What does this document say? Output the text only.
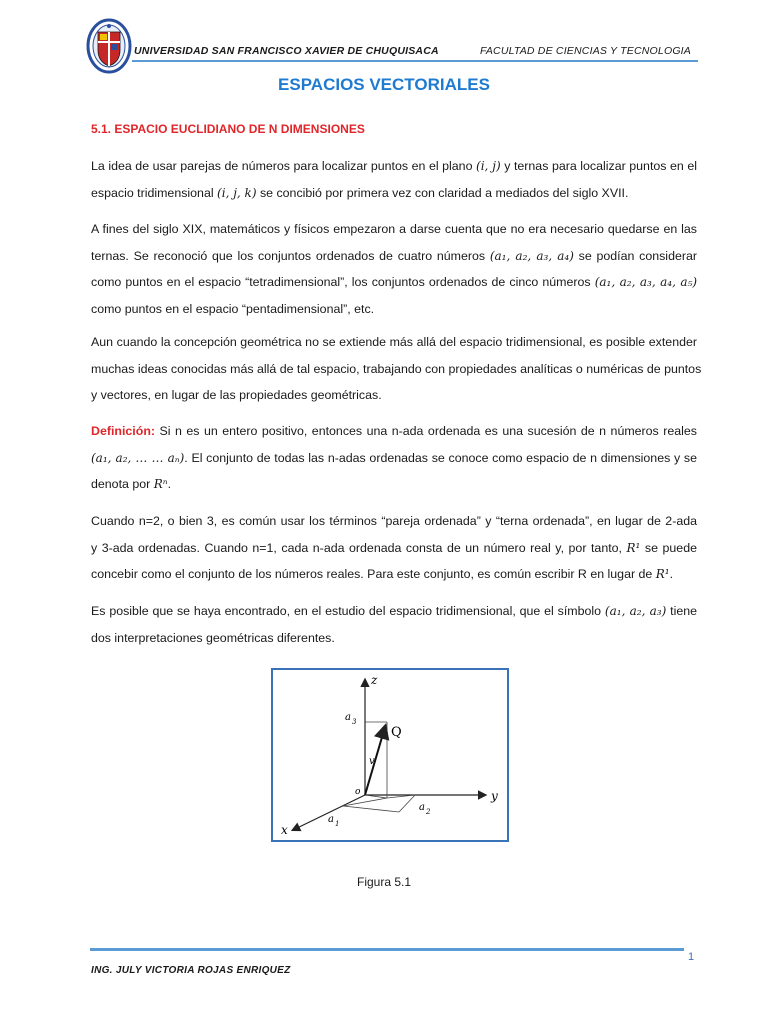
UNIVERSIDAD SAN FRANCISCO XAVIER DE CHUQUISACA	FACULTAD DE CIENCIAS Y TECNOLOGIA
ESPACIOS VECTORIALES
5.1. ESPACIO EUCLIDIANO DE N DIMENSIONES
La idea de usar parejas de números para localizar puntos en el plano (i, j) y ternas para localizar puntos en el
espacio tridimensional (i, j, k) se concibió por primera vez con claridad a mediados del siglo XVII.
A fines del siglo XIX, matemáticos y físicos empezaron a darse cuenta que no era necesario quedarse en las
ternas. Se reconoció que los conjuntos ordenados de cuatro números (a₁, a₂, a₃, a₄) se podían considerar
como puntos en el espacio “tetradimensional”, los conjuntos ordenados de cinco números (a₁, a₂, a₃, a₄, a₅)
como puntos en el espacio “pentadimensional”, etc.
Aun cuando la concepción geométrica no se extiende más allá del espacio tridimensional, es posible extender
muchas ideas conocidas más allá de tal espacio, trabajando con propiedades analíticas o numéricas de puntos
y vectores, en lugar de las propiedades geométricas.
Definición: Si n es un entero positivo, entonces una n-ada ordenada es una sucesión de n números reales
(a₁, a₂, … … aₙ). El conjunto de todas las n-adas ordenadas se conoce como espacio de n dimensiones y se
denota por Rⁿ.
Cuando n=2, o bien 3, es común usar los términos “pareja ordenada” y “terna ordenada”, en lugar de 2-ada
y 3-ada ordenadas. Cuando n=1, cada n-ada ordenada consta de un número real y, por tanto, R¹ se puede
concebir como el conjunto de los números reales. Para este conjunto, es común escribir R en lugar de R¹.
Es posible que se haya encontrado, en el estudio del espacio tridimensional, que el símbolo (a₁, a₂, a₃) tiene
dos interpretaciones geométricas diferentes.
z
y
x
o
Q
v
a 3
a 2
a 1
Figura 5.1
1
ING. JULY VICTORIA ROJAS ENRIQUEZ
